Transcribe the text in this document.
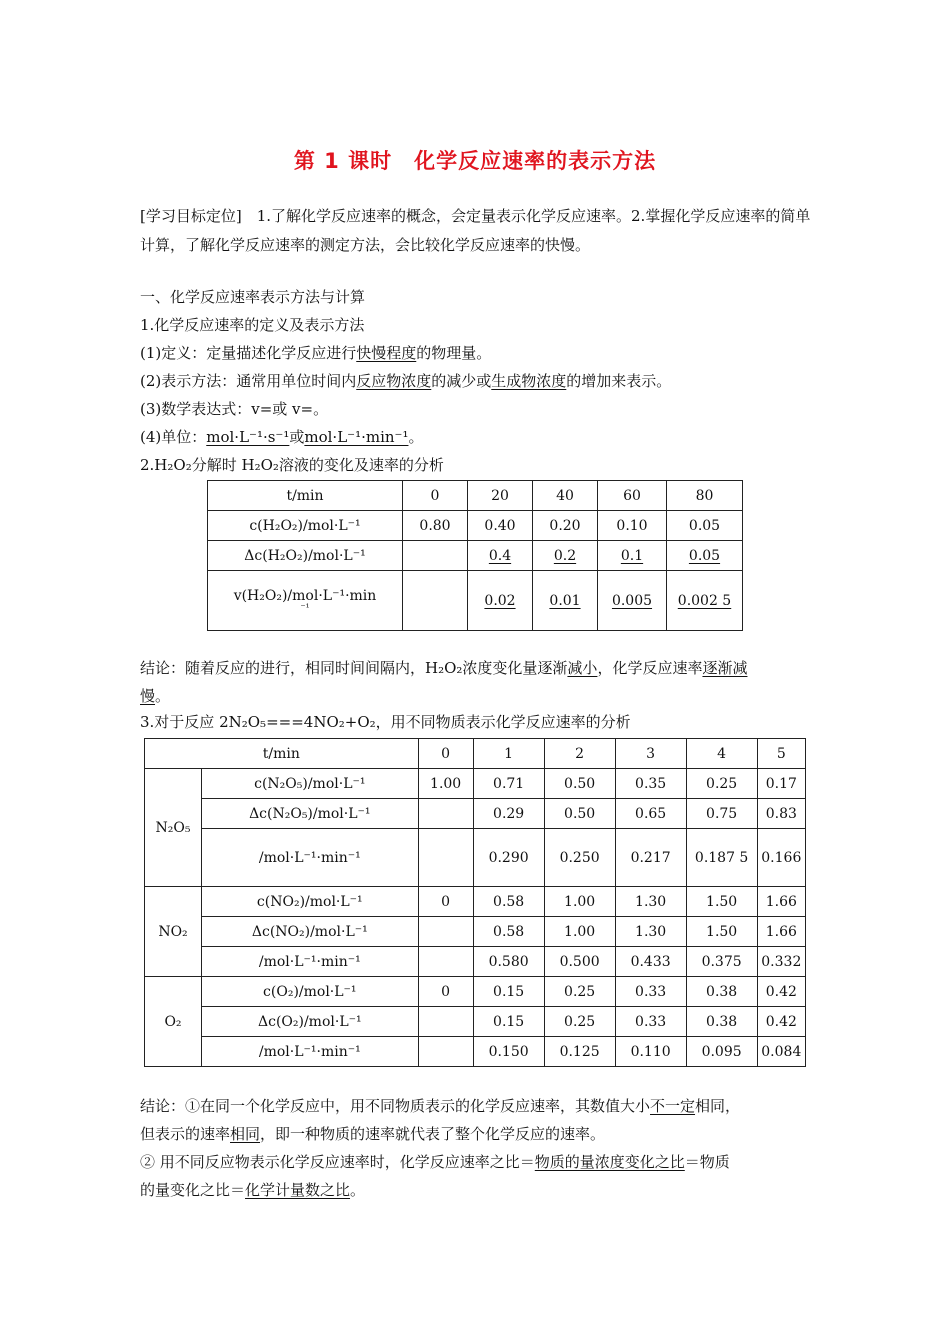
第 1 课时　化学反应速率的表示方法
[学习目标定位]　1.了解化学反应速率的概念，会定量表示化学反应速率。2.掌握化学反应速率的简单计算，了解化学反应速率的测定方法，会比较化学反应速率的快慢。
一、化学反应速率表示方法与计算
1.化学反应速率的定义及表示方法
(1)定义：定量描述化学反应进行快慢程度的物理量。
(2)表示方法：通常用单位时间内反应物浓度的减少或生成物浓度的增加来表示。
(3)数学表达式：v=或 v=。
(4)单位：mol·L⁻¹·s⁻¹或mol·L⁻¹·min⁻¹。
2.H₂O₂分解时 H₂O₂溶液的变化及速率的分析
t/min	0	20	40	60	80
c(H₂O₂)/mol·L⁻¹	0.80	0.40	0.20	0.10	0.05
Δc(H₂O₂)/mol·L⁻¹		0.4	0.2	0.1	0.05

v(H₂O₂)/mol·L⁻¹·min
⁻¹		0.02	0.01	0.005	0.002 5
结论：随着反应的进行，相同时间间隔内，H₂O₂浓度变化量逐渐减小，化学反应速率逐渐减
慢。
3.对于反应 2N₂O₅===4NO₂+O₂，用不同物质表示化学反应速率的分析
t/min		0	1	2	3	4	5
N₂O₅	c(N₂O₅)/mol·L⁻¹	1.00	0.71	0.50	0.35	0.25	0.17
	Δc(N₂O₅)/mol·L⁻¹		0.29	0.50	0.65	0.75	0.83
	/mol·L⁻¹·min⁻¹		0.290	0.250	0.217	0.187 5	0.166
NO₂	c(NO₂)/mol·L⁻¹	0	0.58	1.00	1.30	1.50	1.66
	Δc(NO₂)/mol·L⁻¹		0.58	1.00	1.30	1.50	1.66
	/mol·L⁻¹·min⁻¹		0.580	0.500	0.433	0.375	0.332
O₂	c(O₂)/mol·L⁻¹	0	0.15	0.25	0.33	0.38	0.42
	Δc(O₂)/mol·L⁻¹		0.15	0.25	0.33	0.38	0.42
	/mol·L⁻¹·min⁻¹		0.150	0.125	0.110	0.095	0.084
结论：①在同一个化学反应中，用不同物质表示的化学反应速率，其数值大小不一定相同，
但表示的速率相同，即一种物质的速率就代表了整个化学反应的速率。
② 用不同反应物表示化学反应速率时，化学反应速率之比＝物质的量浓度变化之比＝物质
的量变化之比＝化学计量数之比。
